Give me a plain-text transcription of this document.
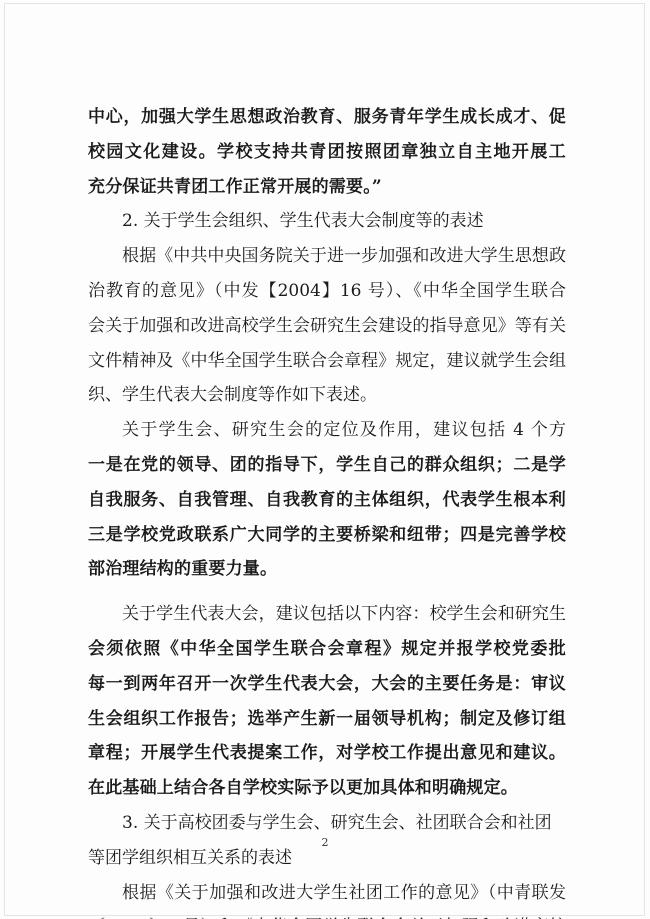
中心，加强大学生思想政治教育、服务青年学生成长成才、促

校园文化建设。学校支持共青团按照团章独立自主地开展工

充分保证共青团工作正常开展的需要。”

2. 关于学生会组织、学生代表大会制度等的表述

根据《中共中央国务院关于进一步加强和改进大学生思想政

治教育的意见》（中发【2004】16 号）、《中华全国学生联合

会关于加强和改进高校学生会研究生会建设的指导意见》等有关

文件精神及《中华全国学生联合会章程》规定，建议就学生会组

织、学生代表大会制度等作如下表述。

关于学生会、研究生会的定位及作用，建议包括 4 个方

一是在党的领导、团的指导下，学生自己的群众组织；二是学

自我服务、自我管理、自我教育的主体组织，代表学生根本利

三是学校党政联系广大同学的主要桥梁和纽带；四是完善学校

部治理结构的重要力量。

关于学生代表大会，建议包括以下内容：校学生会和研究生

会须依照《中华全国学生联合会章程》规定并报学校党委批

每一到两年召开一次学生代表大会，大会的主要任务是：审议

生会组织工作报告；选举产生新一届领导机构；制定及修订组

章程；开展学生代表提案工作，对学校工作提出意见和建议。

在此基础上结合各自学校实际予以更加具体和明确规定。

3. 关于高校团委与学生会、研究生会、社团联合会和社团

等团学组织相互关系的表述

根据《关于加强和改进大学生社团工作的意见》（中青联发

2
